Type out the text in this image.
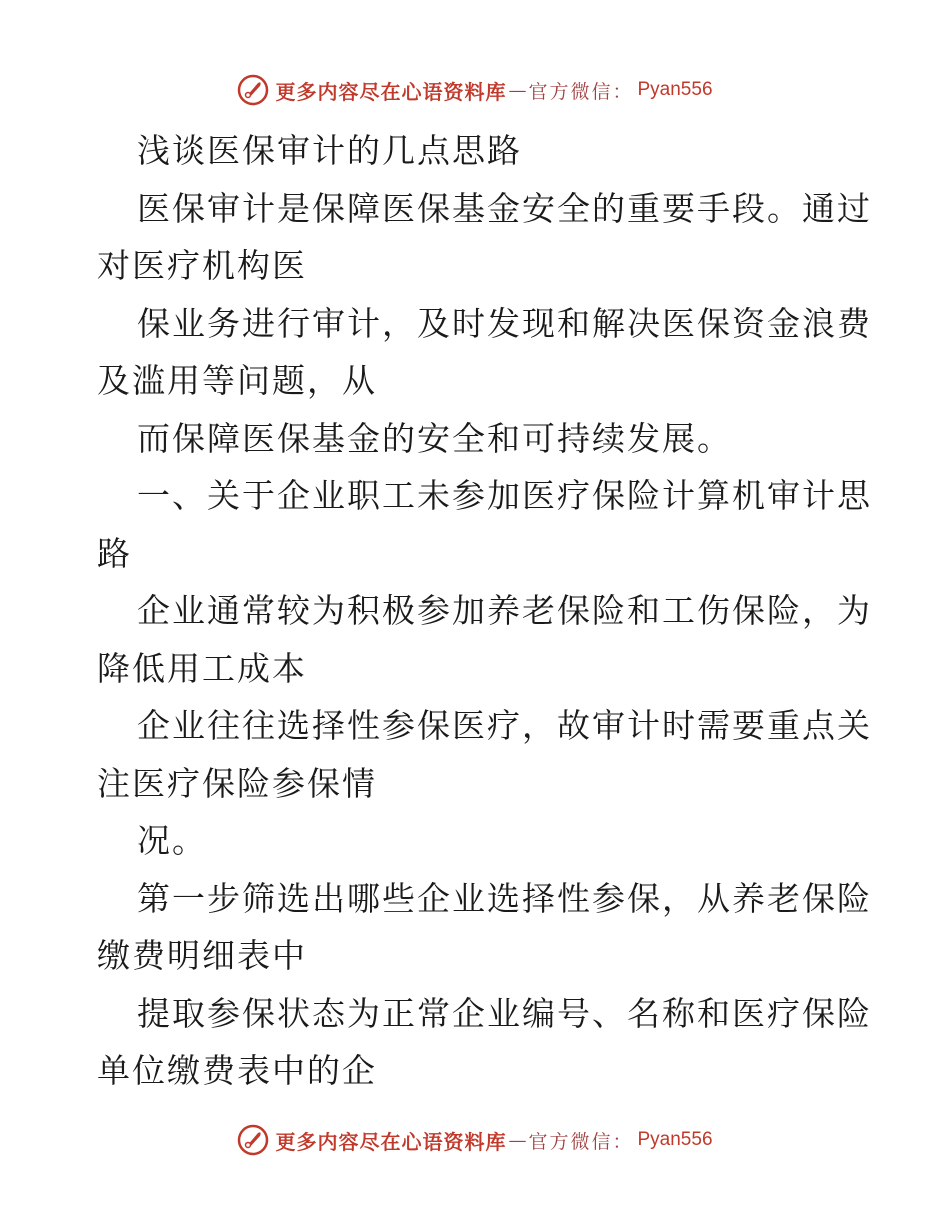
更多内容尽在心语资料库 — 官方微信： Pyan556
浅谈医保审计的几点思路
医保审计是保障医保基金安全的重要手段。通过
对医疗机构医
保业务进行审计，及时发现和解决医保资金浪费
及滥用等问题，从
而保障医保基金的安全和可持续发展。
一、关于企业职工未参加医疗保险计算机审计思
路
企业通常较为积极参加养老保险和工伤保险，为
降低用工成本
企业往往选择性参保医疗，故审计时需要重点关
注医疗保险参保情
况。
第一步筛选出哪些企业选择性参保，从养老保险
缴费明细表中
提取参保状态为正常企业编号、名称和医疗保险
单位缴费表中的企
更多内容尽在心语资料库 — 官方微信： Pyan556
